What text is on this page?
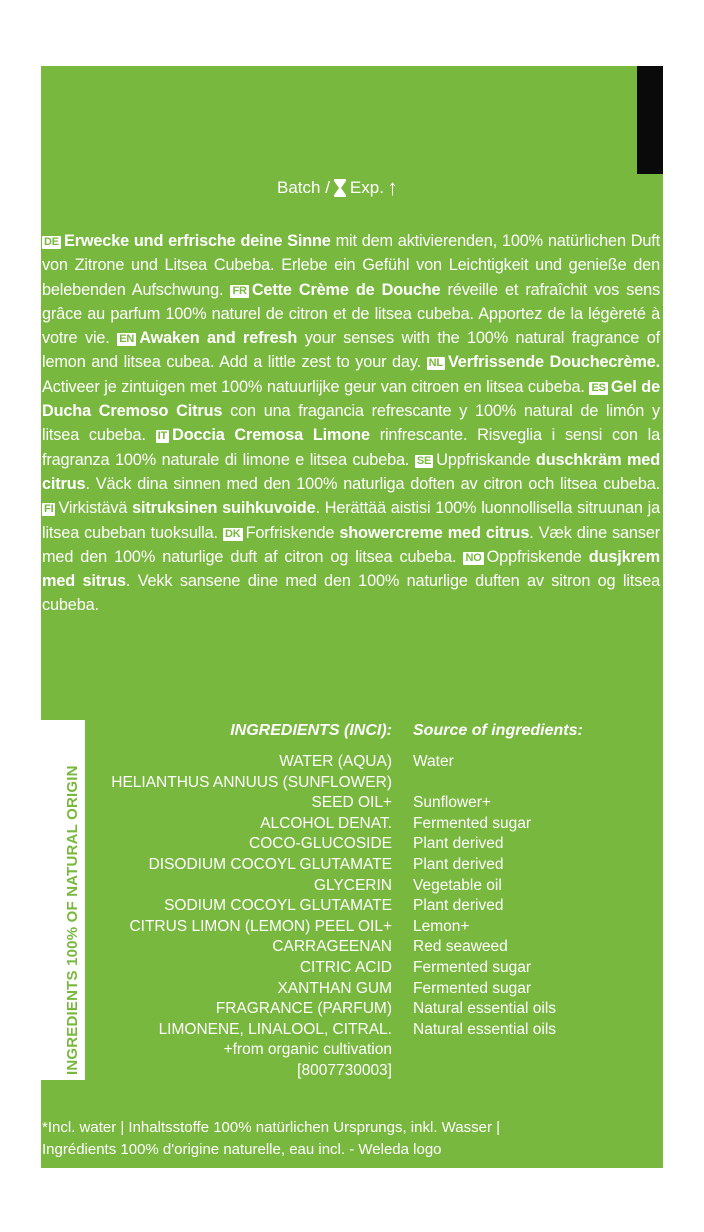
Batch / Exp. ↑
DE Erwecke und erfrische deine Sinne mit dem aktivierenden, 100% natürlichen Duft von Zitrone und Litsea Cubeba. Erlebe ein Gefühl von Leichtigkeit und genieße den belebenden Aufschwung. FR Cette Crème de Douche réveille et rafraîchit vos sens grâce au parfum 100% naturel de citron et de litsea cubeba. Apportez de la légèreté à votre vie. EN Awaken and refresh your senses with the 100% natural fragrance of lemon and litsea cubea. Add a little zest to your day. NL Verfrissende Douchecrème. Activeer je zintuigen met 100% natuurlijke geur van citroen en litsea cubeba. ES Gel de Ducha Cremoso Citrus con una fragancia refrescante y 100% natural de limón y litsea cubeba. IT Doccia Cremosa Limone rinfrescante. Risveglia i sensi con la fragranza 100% naturale di limone e litsea cubeba. SE Uppfriskande duschkräm med citrus. Väck dina sinnen med den 100% naturliga doften av citron och litsea cubeba. FI Virkistävä sitruksinen suihkuvoide. Herättää aistisi 100% luonnollisella sitruunan ja litsea cubeban tuoksulla. DK Forfriskende showercreme med citrus. Væk dine sanser med den 100% naturlige duft af citron og litsea cubeba. NO Oppfriskende dusjkrem med sitrus. Vekk sansene dine med den 100% naturlige duften av sitron og litsea cubeba.
INGREDIENTS 100% OF NATURAL ORIGIN
INGREDIENTS (INCI): Source of ingredients:
WATER (AQUA)
HELIANTHUS ANNUUS (SUNFLOWER)
SEED OIL+
ALCOHOL DENAT.
COCO-GLUCOSIDE
DISODIUM COCOYL GLUTAMATE
GLYCERIN
SODIUM COCOYL GLUTAMATE
CITRUS LIMON (LEMON) PEEL OIL+
CARRAGEENAN
CITRIC ACID
XANTHAN GUM
FRAGRANCE (PARFUM)
LIMONENE, LINALOOL, CITRAL.
+from organic cultivation
[8007730003]
Water
Sunflower+
Fermented sugar
Plant derived
Plant derived
Vegetable oil
Plant derived
Lemon+
Red seaweed
Fermented sugar
Fermented sugar
Natural essential oils
Natural essential oils
*Incl. water | Inhaltsstoffe 100% natürlichen Ursprungs, inkl. Wasser |
Ingrédients 100% d'origine naturelle, eau incl. - Weleda logo
